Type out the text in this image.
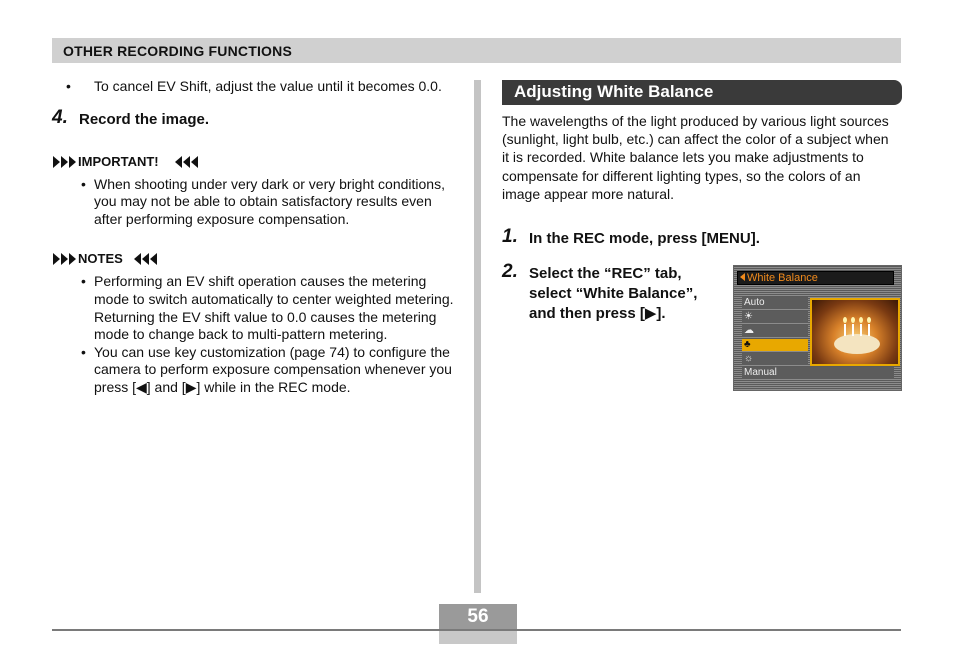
OTHER RECORDING FUNCTIONS
•	To cancel EV Shift, adjust the value until it becomes 0.0.
4. Record the image.
IMPORTANT!
• When shooting under very dark or very bright conditions, you may not be able to obtain satisfactory results even after performing exposure compensation.
NOTES
• Performing an EV shift operation causes the metering mode to switch automatically to center weighted metering. Returning the EV shift value to 0.0 causes the metering mode to change back to multi-pattern metering.
• You can use key customization (page 74) to configure the camera to perform exposure compensation whenever you press [◀] and [▶] while in the REC mode.
Adjusting White Balance
The wavelengths of the light produced by various light sources (sunlight, light bulb, etc.) can affect the color of a subject when it is recorded. White balance lets you make adjustments to compensate for different lighting types, so the colors of an image appear more natural.
1. In the REC mode, press [MENU].
2. Select the “REC” tab, select “White Balance”, and then press [▶].
White Balance
Auto
☀
☁
♣
☼
Manual
56
